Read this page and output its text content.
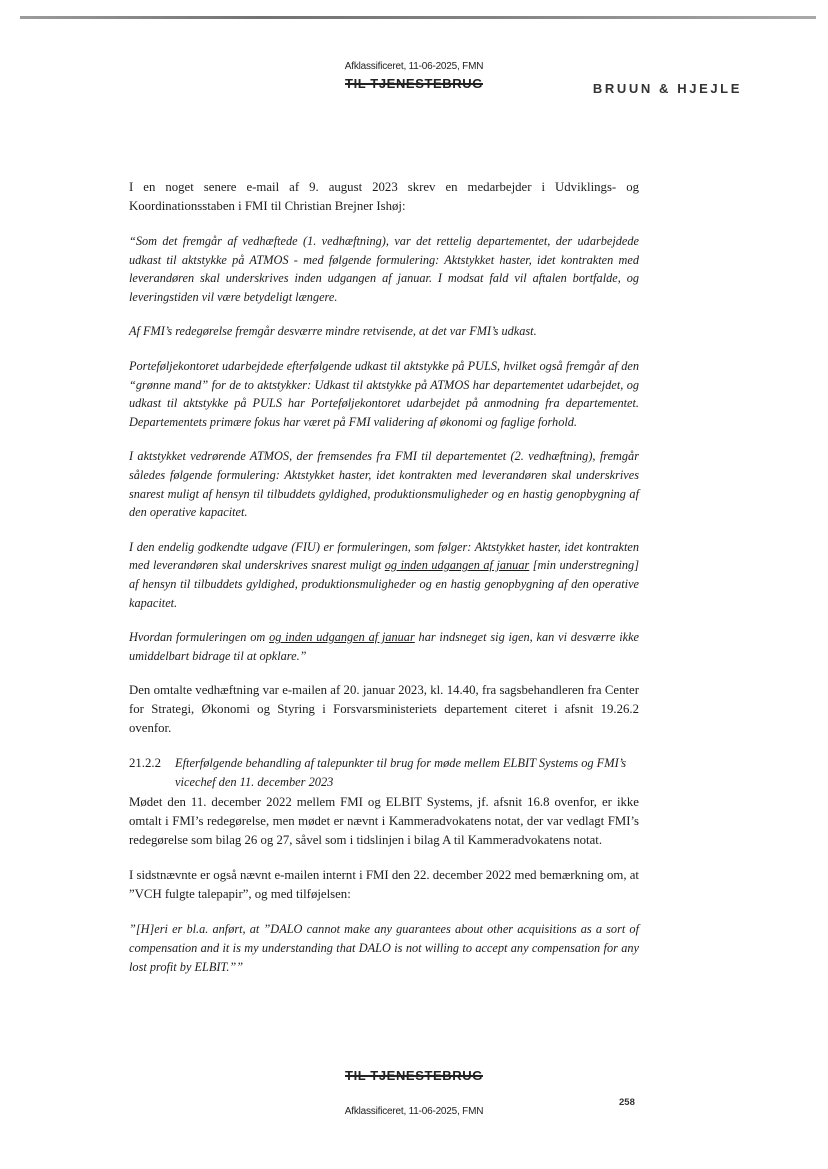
Afklassificeret, 11-06-2025, FMN
TIL TJENESTEBRUG	BRUUN & HJEJLE

I en noget senere e-mail af 9. august 2023 skrev en medarbejder i Udviklings- og Koordinationsstaben i FMI til Christian Brejner Ishøj:

“Som det fremgår af vedhæftede (1. vedhæftning), var det rettelig departementet, der udarbejdede udkast til aktstykke på ATMOS - med følgende formulering: Aktstykket haster, idet kontrakten med leverandøren skal underskrives inden udgangen af januar. I modsat fald vil aftalen bortfalde, og leveringstiden vil være betydeligt længere.

Af FMI’s redegørelse fremgår desværre mindre retvisende, at det var FMI’s udkast.

Porteføljekontoret udarbejdede efterfølgende udkast til aktstykke på PULS, hvilket også fremgår af den “grønne mand” for de to aktstykker: Udkast til aktstykke på ATMOS har departementet udarbejdet, og udkast til aktstykke på PULS har Porteføljekontoret udarbejdet på anmodning fra departementet. Departementets primære fokus har været på FMI validering af økonomi og faglige forhold.

I aktstykket vedrørende ATMOS, der fremsendes fra FMI til departementet (2. vedhæftning), fremgår således følgende formulering: Aktstykket haster, idet kontrakten med leverandøren skal underskrives snarest muligt af hensyn til tilbuddets gyldighed, produktionsmuligheder og en hastig genopbygning af den operative kapacitet.

I den endelig godkendte udgave (FIU) er formuleringen, som følger: Aktstykket haster, idet kontrakten med leverandøren skal underskrives snarest muligt og inden udgangen af januar [min understregning] af hensyn til tilbuddets gyldighed, produktionsmuligheder og en hastig genopbygning af den operative kapacitet.

Hvordan formuleringen om og inden udgangen af januar har indsneget sig igen, kan vi desværre ikke umiddelbart bidrage til at opklare.”

Den omtalte vedhæftning var e-mailen af 20. januar 2023, kl. 14.40, fra sagsbehandleren fra Center for Strategi, Økonomi og Styring i Forsvarsministeriets departement citeret i afsnit 19.26.2 ovenfor.

21.2.2 Efterfølgende behandling af talepunkter til brug for møde mellem ELBIT Systems og FMI’s vicechef den 11. december 2023

Mødet den 11. december 2022 mellem FMI og ELBIT Systems, jf. afsnit 16.8 ovenfor, er ikke omtalt i FMI’s redegørelse, men mødet er nævnt i Kammeradvokatens notat, der var vedlagt FMI’s redegørelse som bilag 26 og 27, såvel som i tidslinjen i bilag A til Kammeradvokatens notat.

I sidstnævnte er også nævnt e-mailen internt i FMI den 22. december 2022 med bemærkning om, at ”VCH fulgte talepapir”, og med tilføjelsen:

”[H]eri er bl.a. anført, at ”DALO cannot make any guarantees about other acquisitions as a sort of compensation and it is my understanding that DALO is not willing to accept any compensation for any lost profit by ELBIT.””

TIL TJENESTEBRUG
Afklassificeret, 11-06-2025, FMN
258
